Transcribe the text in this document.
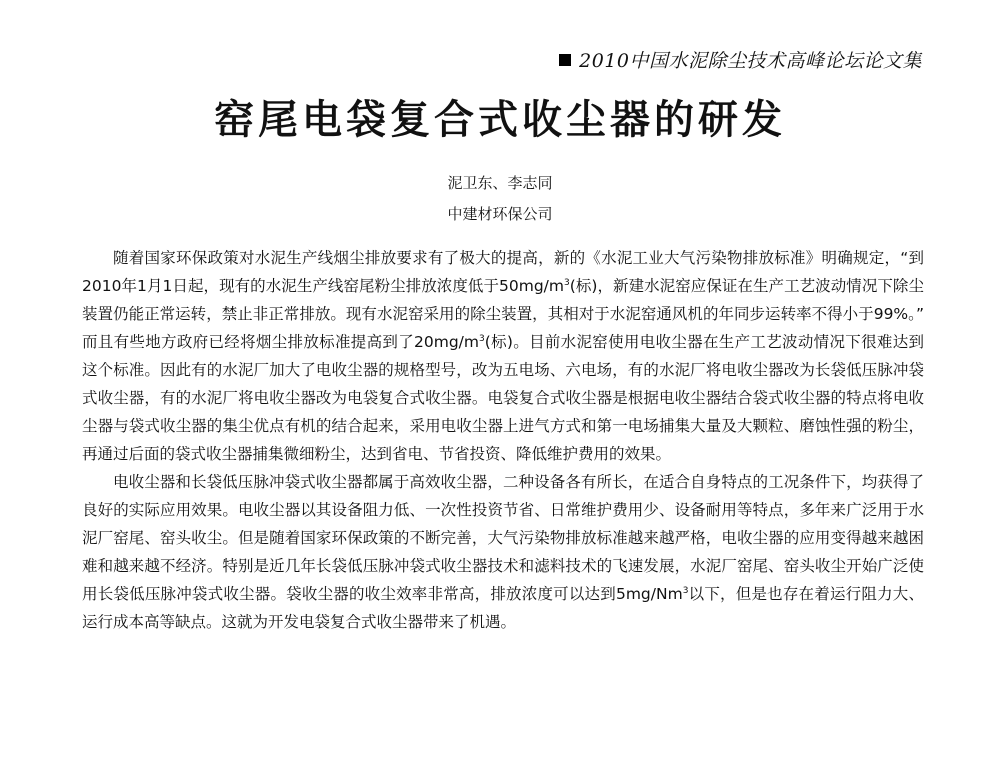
2010中国水泥除尘技术高峰论坛论文集
窑尾电袋复合式收尘器的研发
泥卫东、李志同
中建材环保公司

随着国家环保政策对水泥生产线烟尘排放要求有了极大的提高，新的《水泥工业大气污染物排放标准》明确规定，“到2010年1月1日起，现有的水泥生产线窑尾粉尘排放浓度低于$50mg/m^3$(标)，新建水泥窑应保证在生产工艺波动情况下除尘装置仍能正常运转，禁止非正常排放。现有水泥窑采用的除尘装置，其相对于水泥窑通风机的年同步运转率不得小于99%。” 而且有些地方政府已经将烟尘排放标准提高到了$20mg/m^3$(标)。目前水泥窑使用电收尘器在生产工艺波动情况下很难达到这个标准。因此有的水泥厂加大了电收尘器的规格型号，改为五电场、六电场，有的水泥厂将电收尘器改为长袋低压脉冲袋式收尘器，有的水泥厂将电收尘器改为电袋复合式收尘器。电袋复合式收尘器是根据电收尘器结合袋式收尘器的特点将电收尘器与袋式收尘器的集尘优点有机的结合起来，采用电收尘器上进气方式和第一电场捕集大量及大颗粒、磨蚀性强的粉尘，再通过后面的袋式收尘器捕集微细粉尘，达到省电、节省投资、降低维护费用的效果。

电收尘器和长袋低压脉冲袋式收尘器都属于高效收尘器，二种设备各有所长，在适合自身特点的工况条件下，均获得了良好的实际应用效果。电收尘器以其设备阻力低、一次性投资节省、日常维护费用少、设备耐用等特点，多年来广泛用于水泥厂窑尾、窑头收尘。但是随着国家环保政策的不断完善，大气污染物排放标准越来越严格，电收尘器的应用变得越来越困难和越来越不经济。特别是近几年长袋低压脉冲袋式收尘器技术和滤料技术的飞速发展，水泥厂窑尾、窑头收尘开始广泛使用长袋低压脉冲袋式收尘器。袋收尘器的收尘效率非常高，排放浓度可以达到5mg/Nm$^3$以下，但是也存在着运行阻力大、运行成本高等缺点。这就为开发电袋复合式收尘器带来了机遇。
